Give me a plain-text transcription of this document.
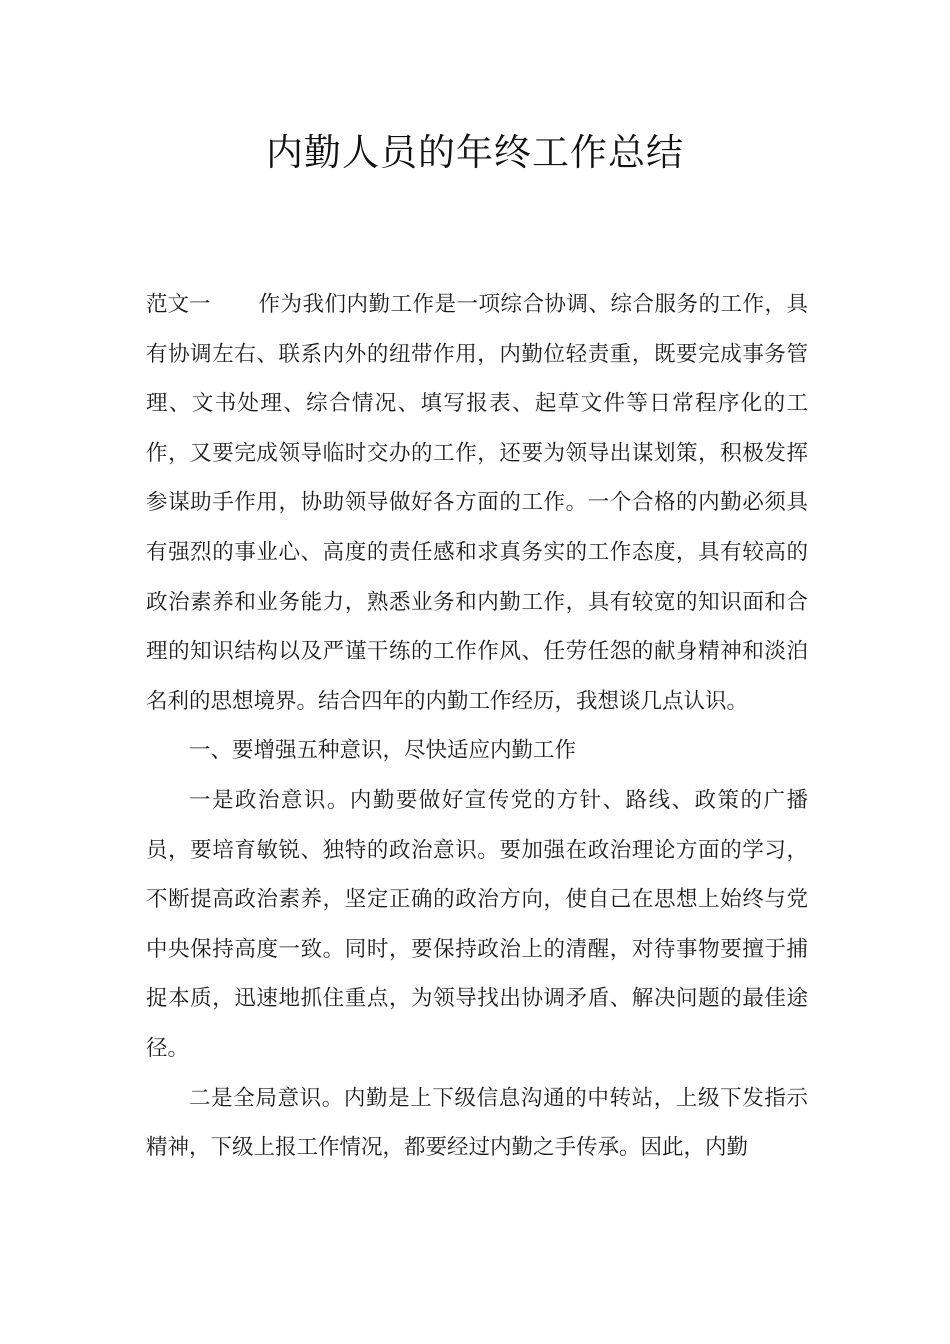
内勤人员的年终工作总结

范文一 作为我们内勤工作是一项综合协调、综合服务的工作，具有协调左右、联系内外的纽带作用，内勤位轻责重，既要完成事务管理、文书处理、综合情况、填写报表、起草文件等日常程序化的工作，又要完成领导临时交办的工作，还要为领导出谋划策，积极发挥参谋助手作用，协助领导做好各方面的工作。一个合格的内勤必须具有强烈的事业心、高度的责任感和求真务实的工作态度，具有较高的政治素养和业务能力，熟悉业务和内勤工作，具有较宽的知识面和合理的知识结构以及严谨干练的工作作风、任劳任怨的献身精神和淡泊名利的思想境界。结合四年的内勤工作经历，我想谈几点认识。

一、要增强五种意识，尽快适应内勤工作

一是政治意识。内勤要做好宣传党的方针、路线、政策的广播员，要培育敏锐、独特的政治意识。要加强在政治理论方面的学习，不断提高政治素养，坚定正确的政治方向，使自己在思想上始终与党中央保持高度一致。同时，要保持政治上的清醒，对待事物要擅于捕捉本质，迅速地抓住重点，为领导找出协调矛盾、解决问题的最佳途径。

二是全局意识。内勤是上下级信息沟通的中转站，上级下发指示精神，下级上报工作情况，都要经过内勤之手传承。因此，内勤
